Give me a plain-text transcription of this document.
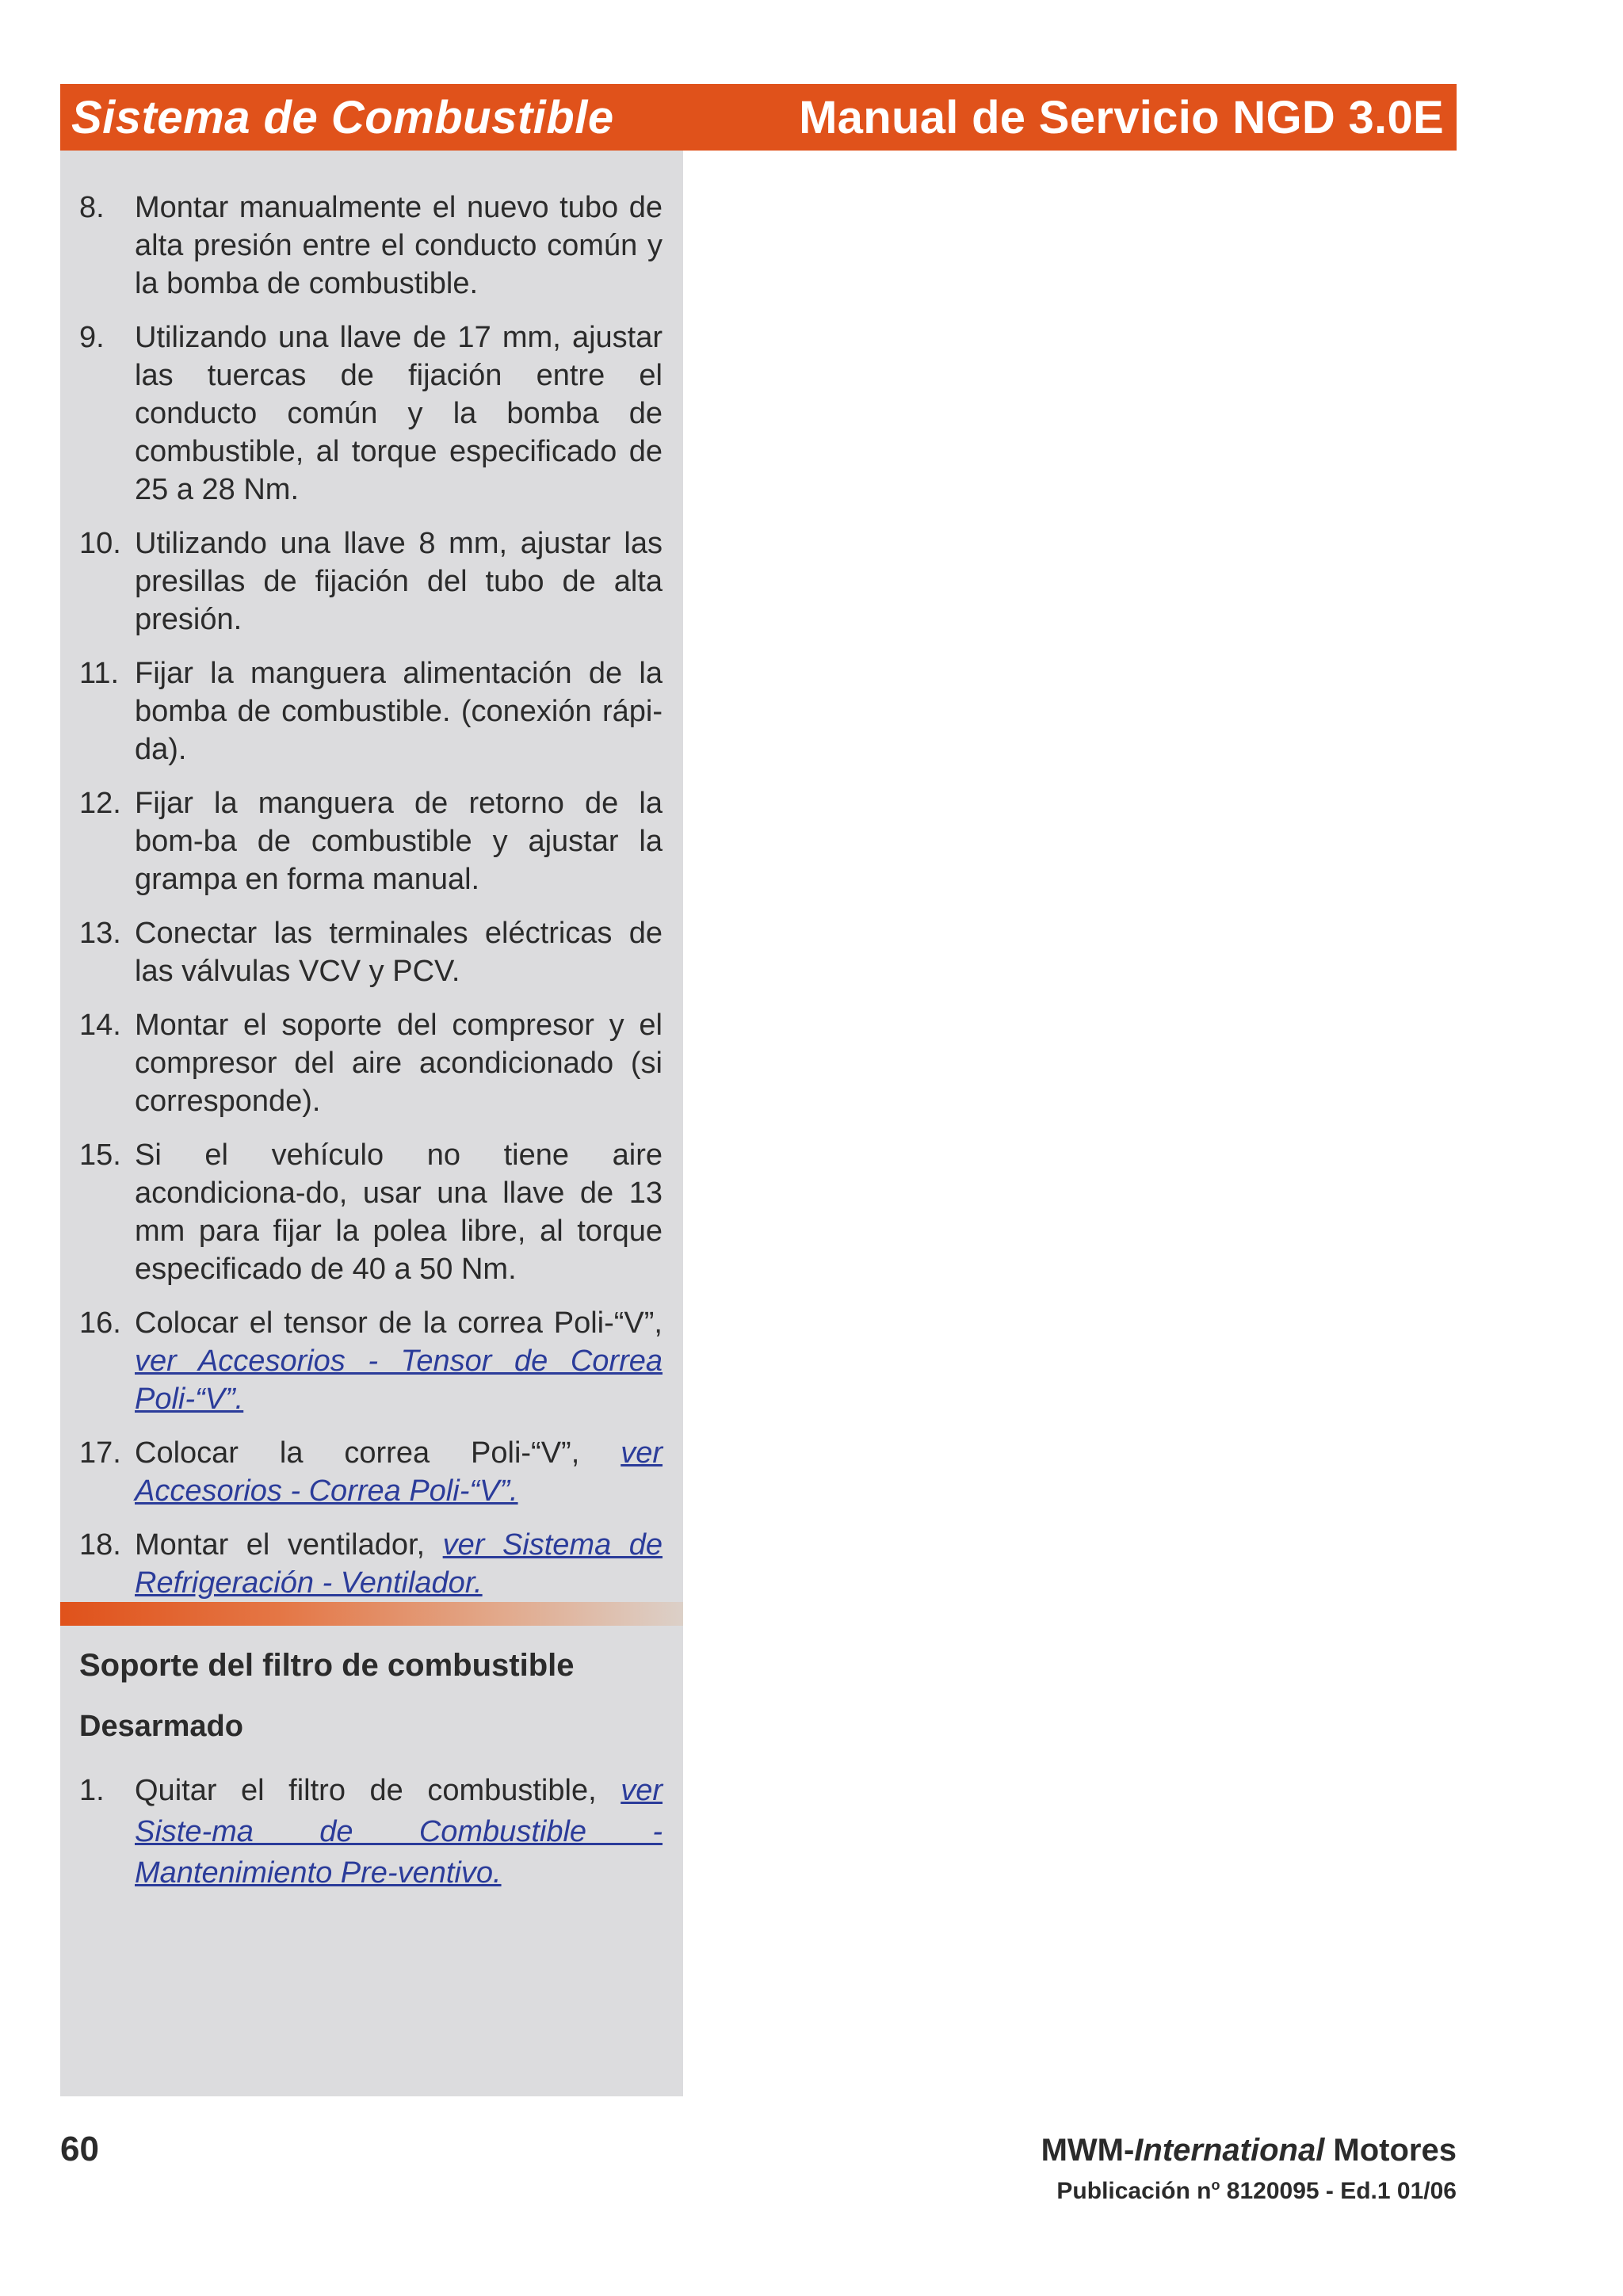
Sistema de Combustible	Manual de Servicio NGD 3.0E
8. Montar manualmente el nuevo tubo de alta presión entre el conducto común y la bomba de combustible.
9. Utilizando una llave de 17 mm, ajustar las tuercas de fijación entre el conducto común y la bomba de combustible, al torque especificado de 25 a 28 Nm.
10. Utilizando una llave 8 mm, ajustar las presillas de fijación del tubo de alta presión.
11. Fijar la manguera alimentación de la bomba de combustible. (conexión rápi-da).
12. Fijar la manguera de retorno de la bom-ba de combustible y ajustar la grampa en forma manual.
13. Conectar las terminales eléctricas de las válvulas VCV y PCV.
14. Montar el soporte del compresor y el compresor del aire acondicionado (si corresponde).
15. Si el vehículo no tiene aire acondiciona-do, usar una llave de 13 mm para fijar la polea libre, al torque especificado de 40 a 50 Nm.
16. Colocar el tensor de la correa Poli-“V”, ver Accesorios - Tensor de Correa Poli-“V”.
17. Colocar la correa Poli-“V”, ver Accesorios - Correa Poli-“V”.
18. Montar el ventilador, ver Sistema de Refrigeración - Ventilador.
Soporte del filtro de combustible
Desarmado
1. Quitar el filtro de combustible, ver Siste-ma de Combustible - Mantenimiento Pre-ventivo.
60	MWM-International Motores
Publicación $n^o$ 8120095 - Ed.1 01/06
